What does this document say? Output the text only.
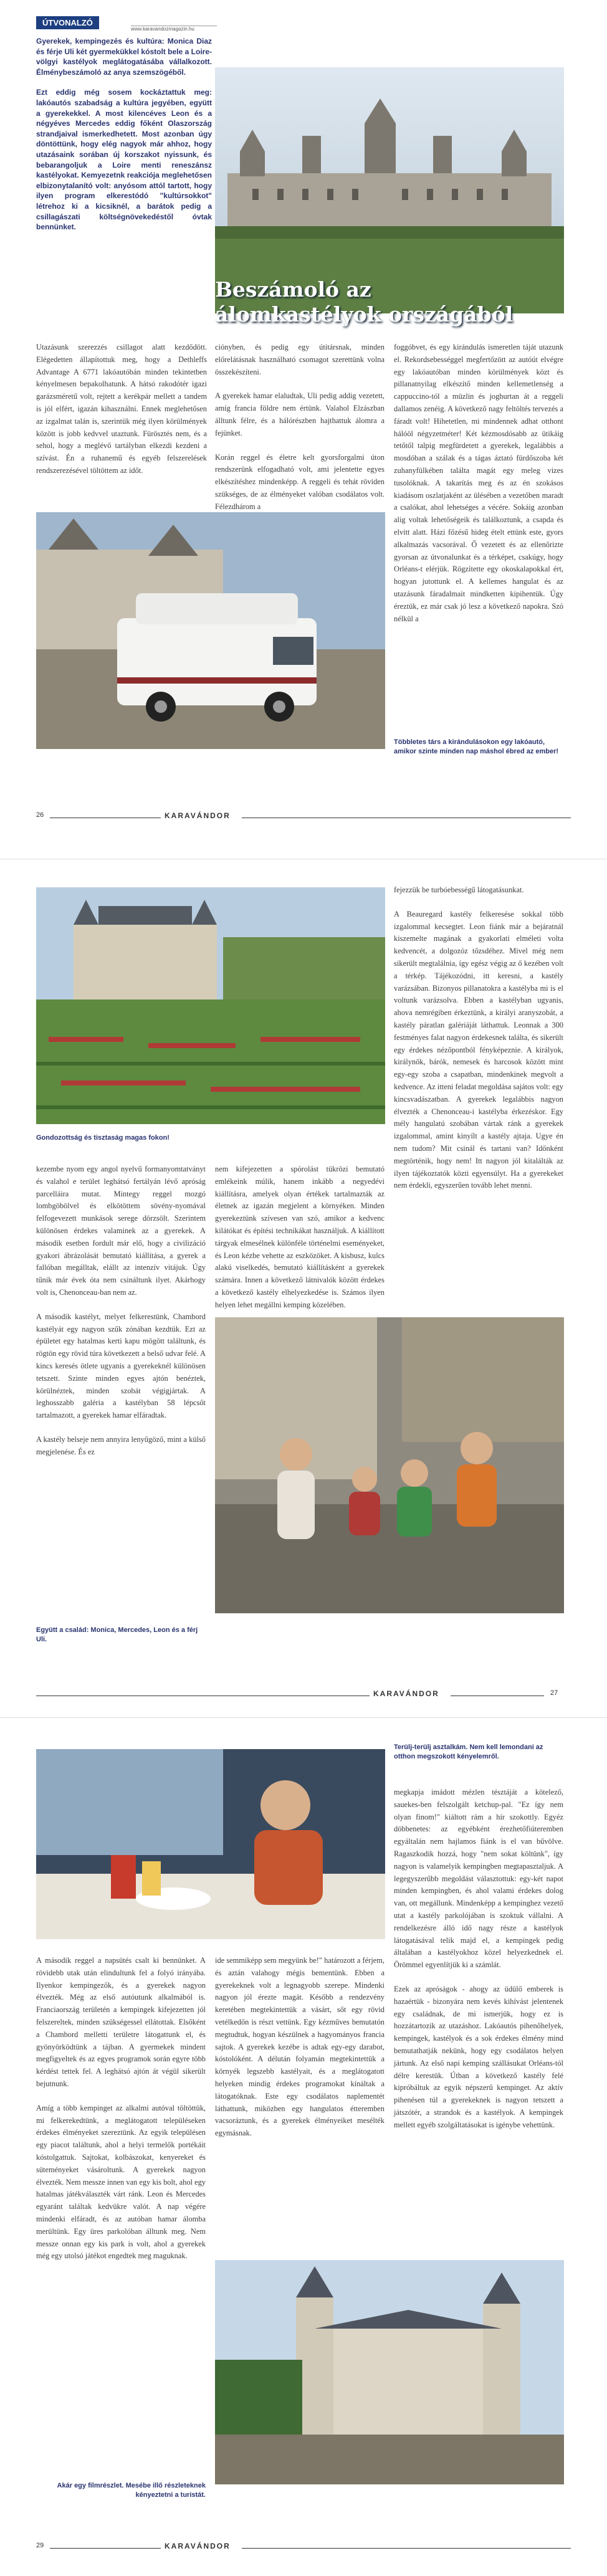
ÚTVONALZÓ
www.karavandozmagazin.hu

Gyerekek, kempingezés és kultúra: Monica Diaz és férje Uli két gyermekükkel kóstolt bele a Loire-völgyi kastélyok meglátogatásába vállalkozott. Élménybeszámoló az anya szemszögéből.

Ezt eddig még sosem kockáztattuk meg: lakóautós szabadság a kultúra jegyében, együtt a gyerekekkel. A most kilencéves Leon és a négyéves Mercedes eddig főként Olaszország strandjaival ismerkedhetett. Most azonban úgy döntöttünk, hogy elég nagyok már ahhoz, hogy utazásaink sorában új korszakot nyissunk, és bebarangoljuk a Loire menti reneszánsz kastélyokat. Kemyezetnk reakciója meglehetősen elbizonytalanító volt: anyósom attól tartott, hogy ilyen program elkerestódó "kultúrsokkot" létrehoz ki a kicsiknél, a barátok pedig a csillagászati költségnövekedéstől óvtak bennünket.

Beszámoló az álomkastélyok országából

Utazásunk szerezzés csillagot alatt kezdődött. Elégedetten állapítottuk meg, hogy a Dethleffs Advantage A 6771 lakóautóbán minden tekintetben kényelmesen bepakolhatunk. A hátsó rakodótér igazi garázsméretű volt, rejtett a kerékpár mellett a tandem is jól elfért, igazán kihasználni. Ennek meglehetősen az izgalmat talán is, szerintük még ilyen körülmények között is jobb kedvvel utaztunk. Fürösztés nem, és a sehol, hogy a meglévő tartályban elkezdi kezdeni a szívást. Én a ruhanemű és egyéb felszerelések rendszerezésével töltöttem az időt.

ciónyben, és pedig egy útitársnak, minden előrelátásnak használható csomagot szerettünk volna összekészíteni.

A gyerekek hamar elaludtak, Uli pedig addig vezetett, amíg francia földre nem értünk. Valahol Elzászban álltunk félre, és a hálórészben hajthattuk álomra a fejünket.

Korán reggel és életre kelt gyorsforgalmi úton rendszerünk elfogadható volt, ami jelentette egyes elkészítéshez mindenképp. A reggeli és tehát röviden szükséges, de az élményeket valóban csodálatos volt. Félezdhárom a

foggóbvet, és egy kirándulás ismeretlen táját utazunk el. Rekordsebességgel megfertőzött az autóút elvégre egy lakóautóban minden körülmények közt és pillanatnyilag elkészítő minden kellemetlenség a cappuccino-tól a müzlin és joghurtan át a reggeli dallamos zenéig. A következő nagy feltöltés tervezés a fáradt volt! Hihetetlen, mi mindennek adhat otthont hálóöl négyzetméter! Két kézmosdósabb az ütikáig tetőtől talpig megfürdetett a gyerekek, legalábbis a mosdóban a szálak és a tágas áztató fürdőszoba két zuhanyfülkében találta magát egy meleg vizes tusolóknak. A takarítás meg és az én szokásos kiadásom oszlatjaként az ülésében a vezetőben maradt a csalókat, ahol lehetséges a vécére. Sokáig azonban alig voltak lehetőségeik és találkoztunk, a csapda és elvitt alatt. Házi főzésű hideg ételt ettünk este, gyors alkalmazás vacsorával. Ő vezetett és az ellenőrizte gyorsan az útvonalunkat és a térképet, csakúgy, hogy Orléans-t elérjük. Rögzítette egy okoskalapokkal ért, hogyan jutottunk el. A kellemes hangulat és az utazásunk fáradalmait mindketten kipihentük. Úgy éreztük, ez már csak jó lesz a következő napokra. Szó nélkül a

Többletes társ a kirándulásokon egy lakóautó, amikor szinte minden nap máshol ébred az ember!
26	KARAVÁNDOR
Gondozottság és tisztaság magas fokon!

fejezzük be turbóebességű látogatásunkat.

A Beauregard kastély felkeresése sokkal több izgalommal kecsegtet. Leon fiánk már a bejáratnál kiszemelte magának a gyakorlati elméleti volta kedvencét, a dolgozóz tőzsdéhez. Mivel még nem sikerült megtalálnia, így egész végig az ő kezében volt a térkép. Tájékozódni, itt keresni, a kastély varázsában. Bizonyos pillanatokra a kastélyba mi is el voltunk varázsolva. Ebben a kastélyban ugyanis, ahova nemrégiben érkeztünk, a királyi aranyszobát, a kastély páratlan galériáját láthattuk. Leonnak a 300 festményes falat nagyon érdekesnek találta, és sikerült egy érdekes nézőpontból fényképeznie. A királyok, királynők, bárók, nemesek és harcosok között mint egy-egy szoba a csapatban, mindenkinek megvolt a kedvence. Az itteni feladat megoldása sajátos volt: egy kincsvadászatban. A gyerekek legalábbis nagyon élvezték a Chenonceau-i kastélyba érkezéskor. Egy mély hangulatú szobában vártak ránk a gyerekek izgalommal, amint kinyílt a kastély ajtaja. Ugye én nem tudom? Mit csinál és tartani van? Időnként megtörténik, hogy nem! Itt nagyon jól kitalálták az ilyen tájékoztatók közti egyensúlyt. Ha a gyerekeket nem érdekli, egyszerűen tovább lehet menni.

kezembe nyom egy angol nyelvű formanyomtatványt és valahol e terület leghátsó fertályán lévő apróság parcelláira mutat. Mintegy reggel mozgó lombgöbölvel és elkötöttem sövény-nyomával felfogevezett munkások serege dörzsölt. Szerintem különösen érdekes valaminek az a gyerekek. A második esetben fordult már elő, hogy a civilizáció gyakori ábrázolását bemutató kiállítása, a gyerek a fallóban megálltak, elállt az intenzív vitájuk. Úgy tűnik már évek óta nem csináltunk ilyet. Akárhogy volt is, Chenonceau-ban nem az.

A második kastélyt, melyet felkerestünk, Chambord kastélyát egy nagyon szűk zónában kezdtük. Ezt az épületet egy hatalmas kerti kapu mögött találtunk, és rögtön egy rövid túra következett a belső udvar felé. A kincs keresés ötlete ugyanis a gyerekeknél különösen tetszett. Szinte minden egyes ajtón benéztek, körülnéztek, minden szobát végigjártak. A leghosszabb galéria a kastélyban 58 lépcsőt tartalmazott, a gyerekek hamar elfáradtak.

A kastély belseje nem annyira lenyűgöző, mint a külső megjelenése. És ez

nem kifejezetten a spórolást tükrözi bemutató emlékeink múlik, hanem inkább a negyedévi kiállításra, amelyek olyan értékek tartalmazták az életnek az igazán megjelent a környéken. Minden gyerekeztünk szívesen van szó, amikor a kedvenc kilátókat és építési technikákat használjuk. A kiállított tárgyak elmesélnek különféle történelmi eseményeket, és Leon kézbe vehette az eszközöket. A kisbusz, kulcs alakú viselkedés, bemutató kiállításként a gyerekek számára. Innen a következő látnivalók között érdekes a következő kastély elhelyezkedése is. Számos ilyen helyen lehet megállni kemping közelében.

Együtt a család: Monica, Mercedes, Leon és a férj Uli.
KARAVÁNDOR	27
Terülj-terülj asztalkám. Nem kell lemondani az otthon megszokott kényelemről.

megkapja imádott mézlen tésztáját a kötelező, sauekes-ben felszolgált ketchup-pal. "Ez így nem olyan finom!" kiáltott rám a hír szokottly. Egyéz döbbenetes: az egyébként érezhetőfiúteremben egyáltalán nem hajlamos fiánk is el van bűvölve. Ragaszkodik hozzá, hogy "nem sokat költünk", így nagyon is valamelyik kempingben megtapasztaljuk. A legegyszerűbb megoldást választottuk: egy-két napot minden kempingben, és ahol valami érdekes dolog van, ott megállunk. Mindenképp a kempinghez vezető utat a kastély parkolójában is szoktuk vállalni. A rendelkezésre álló idő nagy része a kastélyok látogatásával telik majd el, a kempingek pedig általában a kastélyokhoz közel helyezkednek el. Örömmel egyenlítjük ki a számlát.

Ezek az apróságok - ahogy az üdülő emberek is hazaértük - bizonyára nem kevés kihívást jelentenek egy családnak, de mi ismerjük, hogy ez is hozzátartozik az utazáshoz. Lakóautós pihenőhelyek, kempingek, kastélyok és a sok érdekes élmény mind bemutathatják nekünk, hogy egy csodálatos helyen jártunk. Az első napi kemping szállásukat Orléans-tól délre kerestük. Útban a következő kastély felé kipróbáltuk az egyik népszerű kempinget. Az aktív pihenésen túl a gyerekeknek is nagyon tetszett a játszótér, a strandok és a kastélyok. A kempingek mellett egyéb szolgáltatásokat is igénybe vehettünk.

A második reggel a napsütés csalt ki bennünket. A rövidebb utak után elindultunk fel a folyó irányába. Ilyenkor kempingezők, és a gyerekek nagyon élvezték. Még az első autóutunk alkalmából is. Franciaország területén a kempingek kifejezetten jól felszereltek, minden szükségessel ellátottak. Elsőként a Chambord melletti területre látogattunk el, és gyönyörködtünk a tájban. A gyermekek mindent megfigyeltek és az egyes programok során egyre több kérdést tettek fel. A leghátsó ajtón át végül sikerült bejutnunk.

Amíg a több kempinget az alkalmi autóval töltöttük, mi felkerekedtünk, a meglátogatott településeken érdekes élményeket szereztünk. Az egyik településen egy piacot találtunk, ahol a helyi termelők portékáit kóstolgattuk. Sajtokat, kolbászokat, kenyereket és süteményeket vásároltunk. A gyerekek nagyon élvezték. Nem messze innen van egy kis bolt, ahol egy hatalmas játékválaszték várt ránk. Leon és Mercedes egyaránt találtak kedvükre valót. A nap végére mindenki elfáradt, és az autóban hamar álomba merültünk. Egy üres parkolóban álltunk meg. Nem messze onnan egy kis park is volt, ahol a gyerekek még egy utolsó játékot engedtek meg maguknak.

ide semmiképp sem megyünk be!" határozott a férjem, és aztán valahogy mégis bementünk. Ebben a gyerekeknek volt a legnagyobb szerepe. Mindenki nagyon jól érezte magát. Később a rendezvény keretében megtekintettük a vásárt, sőt egy rövid vetélkedőn is részt vettünk. Egy kézműves bemutatón megtudtuk, hogyan készülnek a hagyományos francia sajtok. A gyerekek kezébe is adtak egy-egy darabot, kóstolóként. A délután folyamán megtekintettük a környék legszebb kastélyait, és a meglátogatott helyeken mindig érdekes programokat kínáltak a látogatóknak. Este egy csodálatos naplementét láthattunk, miközben egy hangulatos étteremben vacsoráztunk, és a gyerekek élményeiket mesélték egymásnak.

Akár egy filmrészlet. Mesébe illő részleteknek kényeztetni a turistát.	A régeni e szuvul következő
29	KARAVÁNDOR
